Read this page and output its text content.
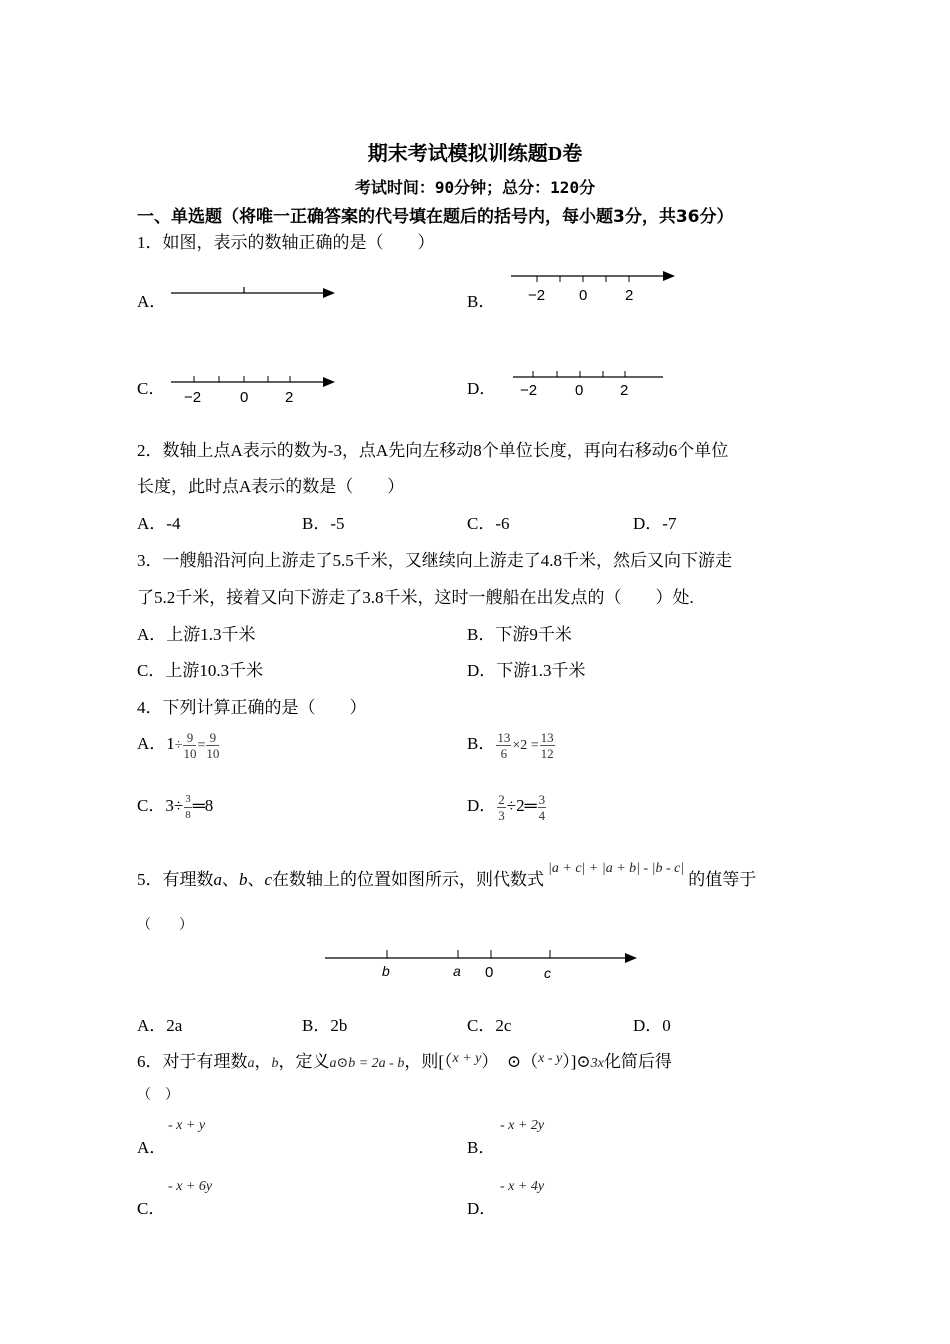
期末考试模拟训练题D卷
考试时间：90分钟；总分：120分
一、单选题（将唯一正确答案的代号填在题后的括号内，每小题3分，共36分）
1．如图，表示的数轴正确的是（　　）
A．	B． −2 0	2
C． −2	0 2	D． −2	0 2
2．数轴上点A表示的数为-3，点A先向左移动8个单位长度，再向右移动6个单位
长度，此时点A表示的数是（　　）
A．-4	B．-5	C．-6	D．-7
3．一艘船沿河向上游走了5.5千米，又继续向上游走了4.8千米，然后又向下游走
了5.2千米，接着又向下游走了3.8千米，这时一艘船在出发点的（　　）处.
A．上游1.3千米	B．下游9千米
C．上游10.3千米	D．下游1.3千米
4．下列计算正确的是（　　）
A．$1\div \frac{9}{10} = \frac{9}{10}$	B． $\frac{13}{6} \times 2 = \frac{13}{12}$
C．$3\div \frac{3}{8}$ ═8	D． $\frac{2}{3}$ ÷2═ $\frac{3}{4}$
5．有理数a、b、c在数轴上的位置如图所示，则代数式$^{|a + c| + |a + b| - |b - c|}$的值等于
（　　）
b	a 0	c
A．2a	B．2b	C．2c	D．0
6．对于有理数a，b，定义a⊙b = 2a - b，则[（$^{x + y}$）　⊙（$^{x - y}$）]⊙3x化简后得
（　）
A．
- x + y
B．
- x + 2y
C．
- x + 6y
D．
- x + 4y
